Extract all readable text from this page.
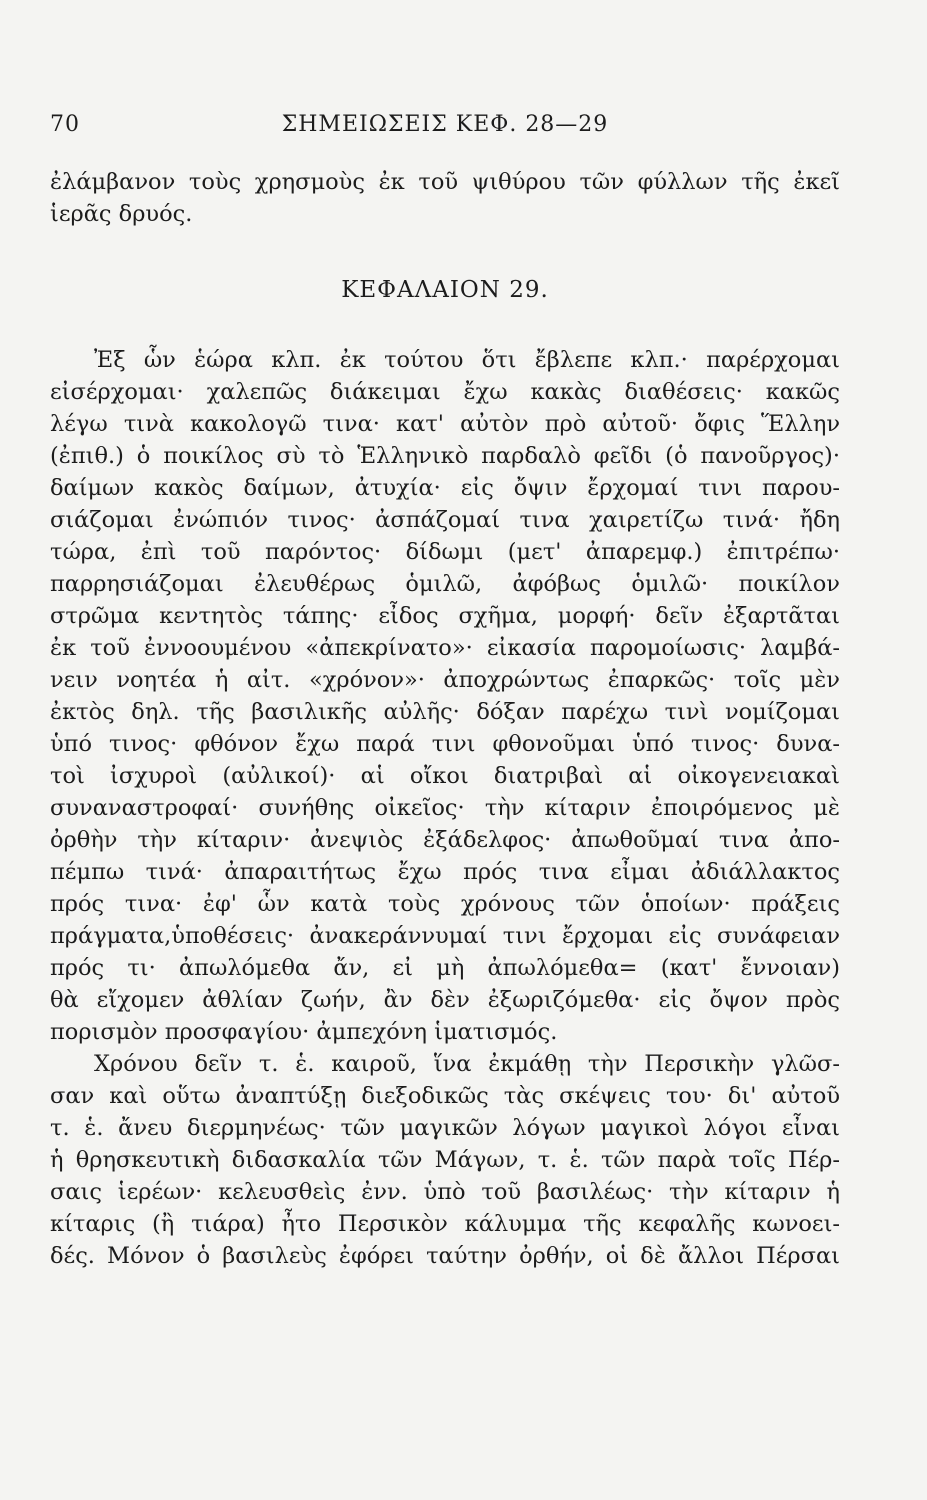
70	ΣΗΜΕΙΩΣΕΙΣ ΚΕΦ. 28—29

ἐλάμβανον τοὺς χρησμοὺς ἐκ τοῦ ψιθύρου τῶν φύλλων τῆς ἐκεῖ
ἱερᾶς δρυός.

ΚΕΦΑΛΑΙΟΝ 29.

Ἐξ ὧν ἑώρα κλπ. ἐκ τούτου ὅτι ἔβλεπε κλπ.· παρέρχομαι
εἰσέρχομαι· χαλεπῶς διάκειμαι ἔχω κακὰς διαθέσεις· κακῶς
λέγω τινὰ κακολογῶ τινα· κατ' αὐτὸν πρὸ αὐτοῦ· ὄφις Ἕλλην
(ἐπιθ.) ὁ ποικίλος σὺ τὸ Ἑλληνικὸ παρδαλὸ φεῖδι (ὁ πανοῦργος)·
δαίμων κακὸς δαίμων, ἀτυχία· εἰς ὄψιν ἔρχομαί τινι παρου-
σιάζομαι ἐνώπιόν τινος· ἀσπάζομαί τινα χαιρετίζω τινά· ἤδη
τώρα, ἐπὶ τοῦ παρόντος· δίδωμι (μετ' ἀπαρεμφ.) ἐπιτρέπω·
παρρησιάζομαι ἐλευθέρως ὁμιλῶ, ἀφόβως ὁμιλῶ· ποικίλον
στρῶμα κεντητὸς τάπης· εἶδος σχῆμα, μορφή· δεῖν ἐξαρτᾶται
ἐκ τοῦ ἐννοουμένου «ἀπεκρίνατο»· εἰκασία παρομοίωσις· λαμβά-
νειν νοητέα ἡ αἰτ. «χρόνον»· ἀποχρώντως ἐπαρκῶς· τοῖς μὲν
ἐκτὸς δηλ. τῆς βασιλικῆς αὐλῆς· δόξαν παρέχω τινὶ νομίζομαι
ὑπό τινος· φθόνον ἔχω παρά τινι φθονοῦμαι ὑπό τινος· δυνα-
τοὶ ἰσχυροὶ (αὐλικοί)· αἱ οἴκοι διατριβαὶ αἱ οἰκογενειακαὶ
συναναστροφαί· συνήθης οἰκεῖος· τὴν κίταριν ἐποιρόμενος μὲ
ὀρθὴν τὴν κίταριν· ἀνεψιὸς ἐξάδελφος· ἀπωθοῦμαί τινα ἀπο-
πέμπω τινά· ἀπαραιτήτως ἔχω πρός τινα εἶμαι ἀδιάλλακτος
πρός τινα· ἐφ' ὧν κατὰ τοὺς χρόνους τῶν ὁποίων· πράξεις
πράγματα,ὑποθέσεις· ἀνακεράννυμαί τινι ἔρχομαι εἰς συνάφειαν
πρός τι· ἀπωλόμεθα ἄν, εἰ μὴ ἀπωλόμεθα= (κατ' ἔννοιαν)
θὰ εἴχομεν ἀθλίαν ζωήν, ἂν δὲν ἐξωριζόμεθα· εἰς ὄψον πρὸς
πορισμὸν προσφαγίου· ἀμπεχόνη ἱματισμός.

Χρόνου δεῖν τ. ἑ. καιροῦ, ἵνα ἐκμάθῃ τὴν Περσικὴν γλῶσ-
σαν καὶ οὕτω ἀναπτύξῃ διεξοδικῶς τὰς σκέψεις του· δι' αὐτοῦ
τ. ἑ. ἄνευ διερμηνέως· τῶν μαγικῶν λόγων μαγικοὶ λόγοι εἶναι
ἡ θρησκευτικὴ διδασκαλία τῶν Μάγων, τ. ἑ. τῶν παρὰ τοῖς Πέρ-
σαις ἱερέων· κελευσθεὶς ἐνν. ὑπὸ τοῦ βασιλέως· τὴν κίταριν ἡ
κίταρις (ἢ τιάρα) ἦτο Περσικὸν κάλυμμα τῆς κεφαλῆς κωνοει-
δές. Μόνον ὁ βασιλεὺς ἐφόρει ταύτην ὀρθήν, οἱ δὲ ἄλλοι Πέρσαι
